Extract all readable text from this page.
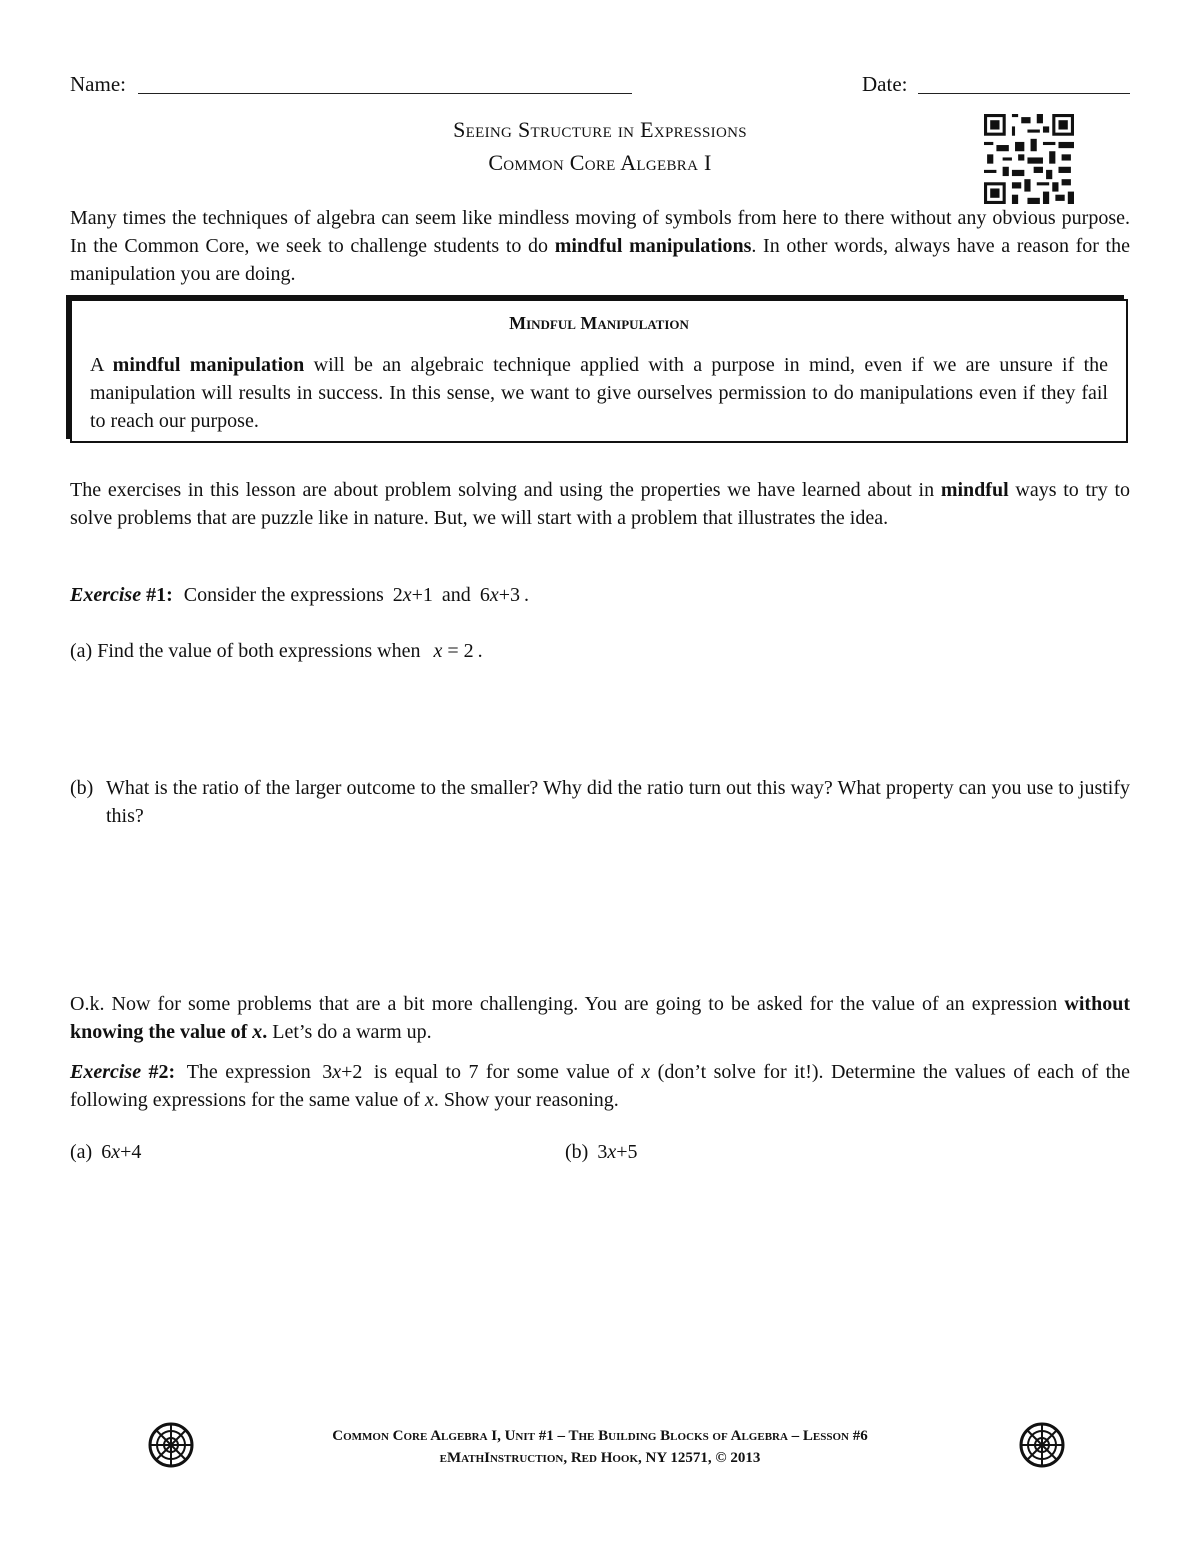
Name:	Date:
Seeing Structure in Expressions
Common Core Algebra I

Many times the techniques of algebra can seem like mindless moving of symbols from here to there without any obvious purpose. In the Common Core, we seek to challenge students to do mindful manipulations. In other words, always have a reason for the manipulation you are doing.

Mindful Manipulation

A mindful manipulation will be an algebraic technique applied with a purpose in mind, even if we are unsure if the manipulation will results in success. In this sense, we want to give ourselves permission to do manipulations even if they fail to reach our purpose.

The exercises in this lesson are about problem solving and using the properties we have learned about in mindful ways to try to solve problems that are puzzle like in nature. But, we will start with a problem that illustrates the idea.

Exercise #1: Consider the expressions 2x+1 and 6x+3 .
(a) Find the value of both expressions when x = 2 .
(b) What is the ratio of the larger outcome to the smaller? Why did the ratio turn out this way? What property can you use to justify this?

O.k. Now for some problems that are a bit more challenging. You are going to be asked for the value of an expression without knowing the value of x. Let’s do a warm up.

Exercise #2: The expression 3x+2 is equal to 7 for some value of x (don’t solve for it!). Determine the values of each of the following expressions for the same value of x. Show your reasoning.

(a) 6x+4	(b) 3x+5
Common Core Algebra I, Unit #1 – The Building Blocks of Algebra – Lesson #6
eMathInstruction, Red Hook, NY 12571, © 2013
